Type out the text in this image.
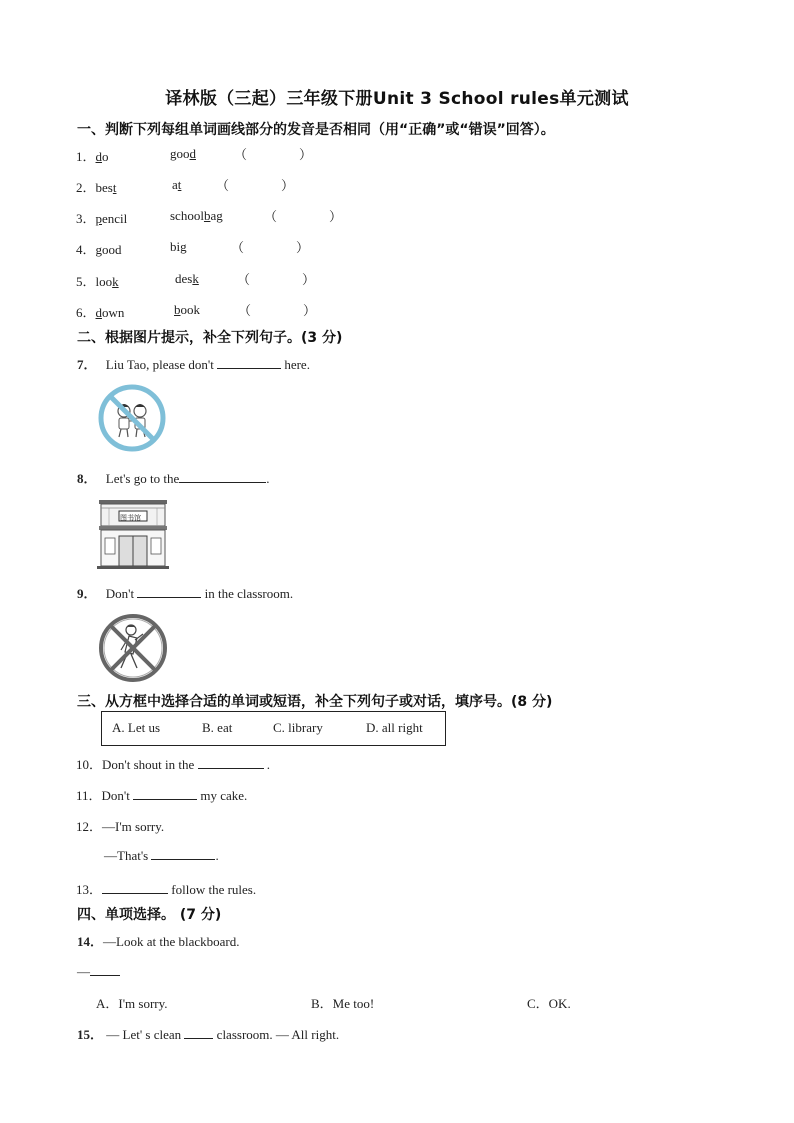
译林版（三起）三年级下册Unit 3 School rules单元测试
一、判断下列每组单词画线部分的发音是否相同（用“正确”或“错误”回答）。
1．do	good	（　　　　）
2．best	at	（　　　　）
3．pencil	schoolbag	（　　　　）
4．good	big	（　　　　）
5．look	desk	（　　　　）
6．down	book	（　　　　）
二、根据图片提示，补全下列句子。(3 分)
7． Liu Tao, please don't	here.
8． Let's go to the	.
图书馆
9． Don't	in the classroom.
三、从方框中选择合适的单词或短语，补全下列句子或对话，填序号。(8 分)
A. Let us	B. eat	C. library	D. all right
10．Don't shout in the	.
11．Don't	my cake.
12．—I'm sorry.
—That's	.
13．	follow the rules.
四、单项选择。 (7 分)
14．—Look at the blackboard.
—
A．I'm sorry.	B．Me too!	C．OK.
15． — Let' s clean	classroom. — All right.
